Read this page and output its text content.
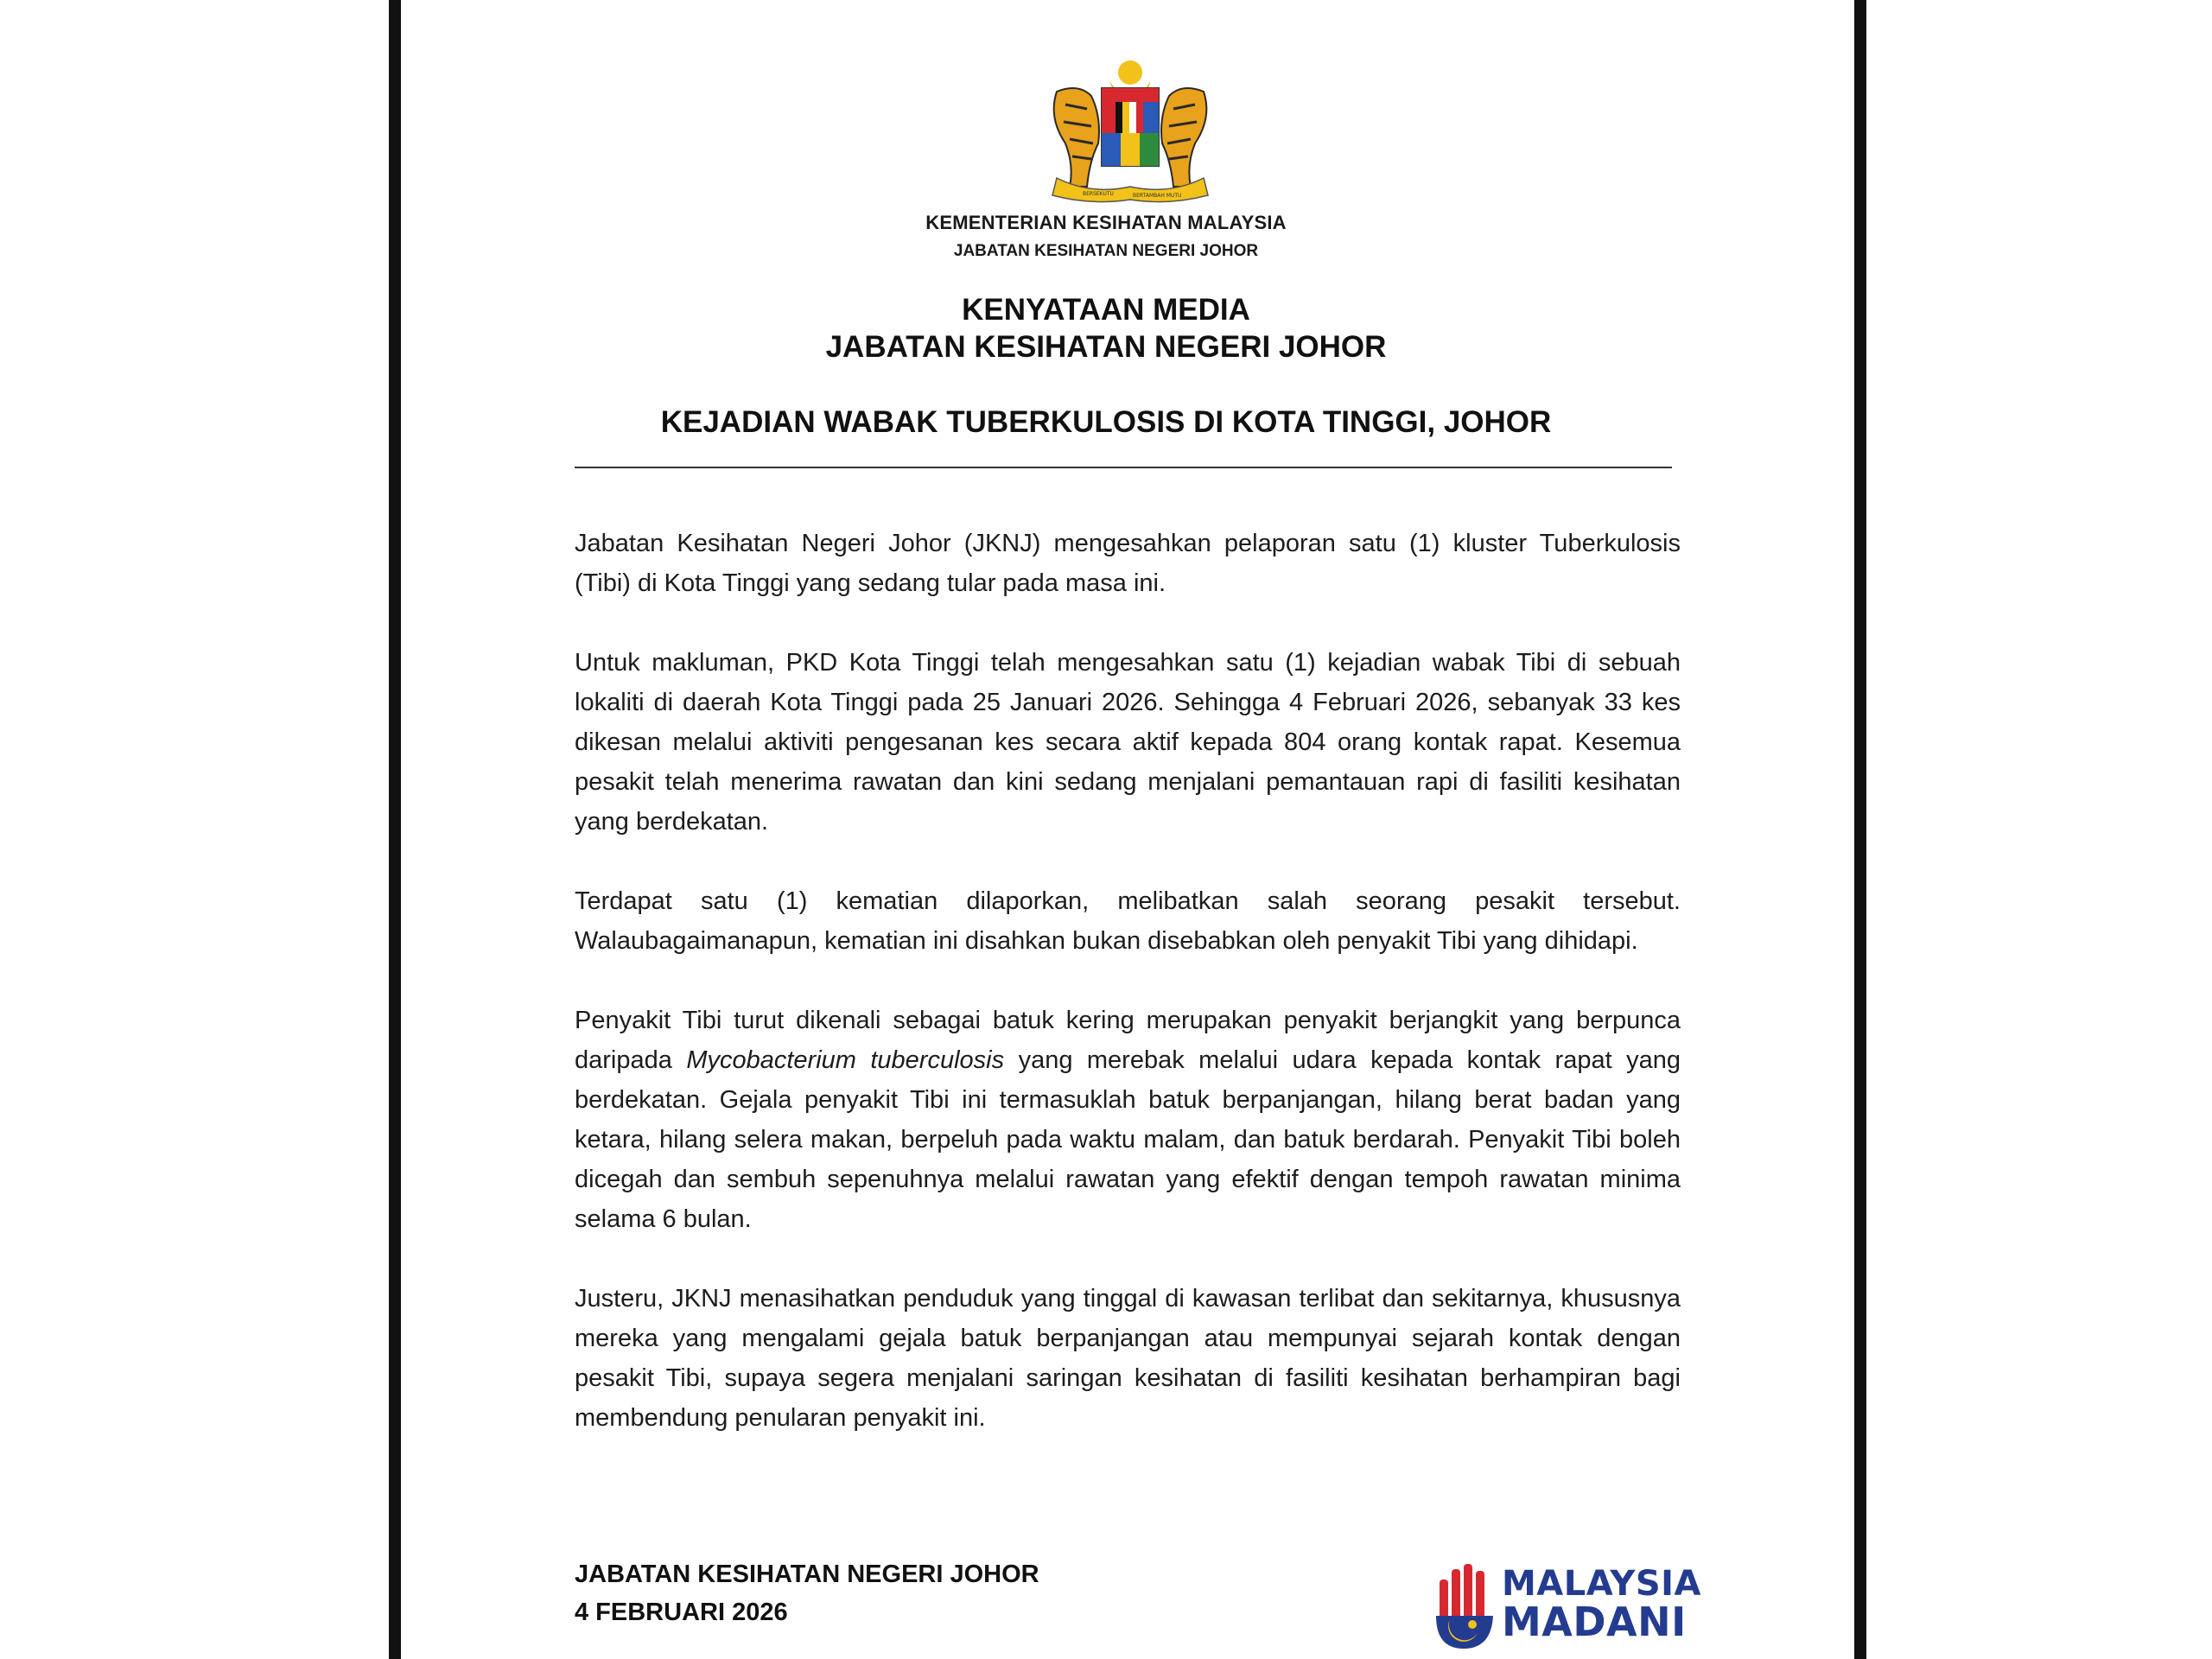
BERSEKUTU	BERTAMBAH MUTU
KEMENTERIAN KESIHATAN MALAYSIA
JABATAN KESIHATAN NEGERI JOHOR
KENYATAAN MEDIA
JABATAN KESIHATAN NEGERI JOHOR
KEJADIAN WABAK TUBERKULOSIS DI KOTA TINGGI, JOHOR

Jabatan Kesihatan Negeri Johor (JKNJ) mengesahkan pelaporan satu (1) kluster Tuberkulosis (Tibi) di Kota Tinggi yang sedang tular pada masa ini.

Untuk makluman, PKD Kota Tinggi telah mengesahkan satu (1) kejadian wabak Tibi di sebuah lokaliti di daerah Kota Tinggi pada 25 Januari 2026. Sehingga 4 Februari 2026, sebanyak 33 kes dikesan melalui aktiviti pengesanan kes secara aktif kepada 804 orang kontak rapat. Kesemua pesakit telah menerima rawatan dan kini sedang menjalani pemantauan rapi di fasiliti kesihatan yang berdekatan.

Terdapat satu (1) kematian dilaporkan, melibatkan salah seorang pesakit tersebut. Walaubagaimanapun, kematian ini disahkan bukan disebabkan oleh penyakit Tibi yang dihidapi.

Penyakit Tibi turut dikenali sebagai batuk kering merupakan penyakit berjangkit yang berpunca daripada Mycobacterium tuberculosis yang merebak melalui udara kepada kontak rapat yang berdekatan. Gejala penyakit Tibi ini termasuklah batuk berpanjangan, hilang berat badan yang ketara, hilang selera makan, berpeluh pada waktu malam, dan batuk berdarah. Penyakit Tibi boleh dicegah dan sembuh sepenuhnya melalui rawatan yang efektif dengan tempoh rawatan minima selama 6 bulan.

Justeru, JKNJ menasihatkan penduduk yang tinggal di kawasan terlibat dan sekitarnya, khususnya mereka yang mengalami gejala batuk berpanjangan atau mempunyai sejarah kontak dengan pesakit Tibi, supaya segera menjalani saringan kesihatan di fasiliti kesihatan berhampiran bagi membendung penularan penyakit ini.

JABATAN KESIHATAN NEGERI JOHOR
4 FEBRUARI 2026
MALAYSIA
MADANI
